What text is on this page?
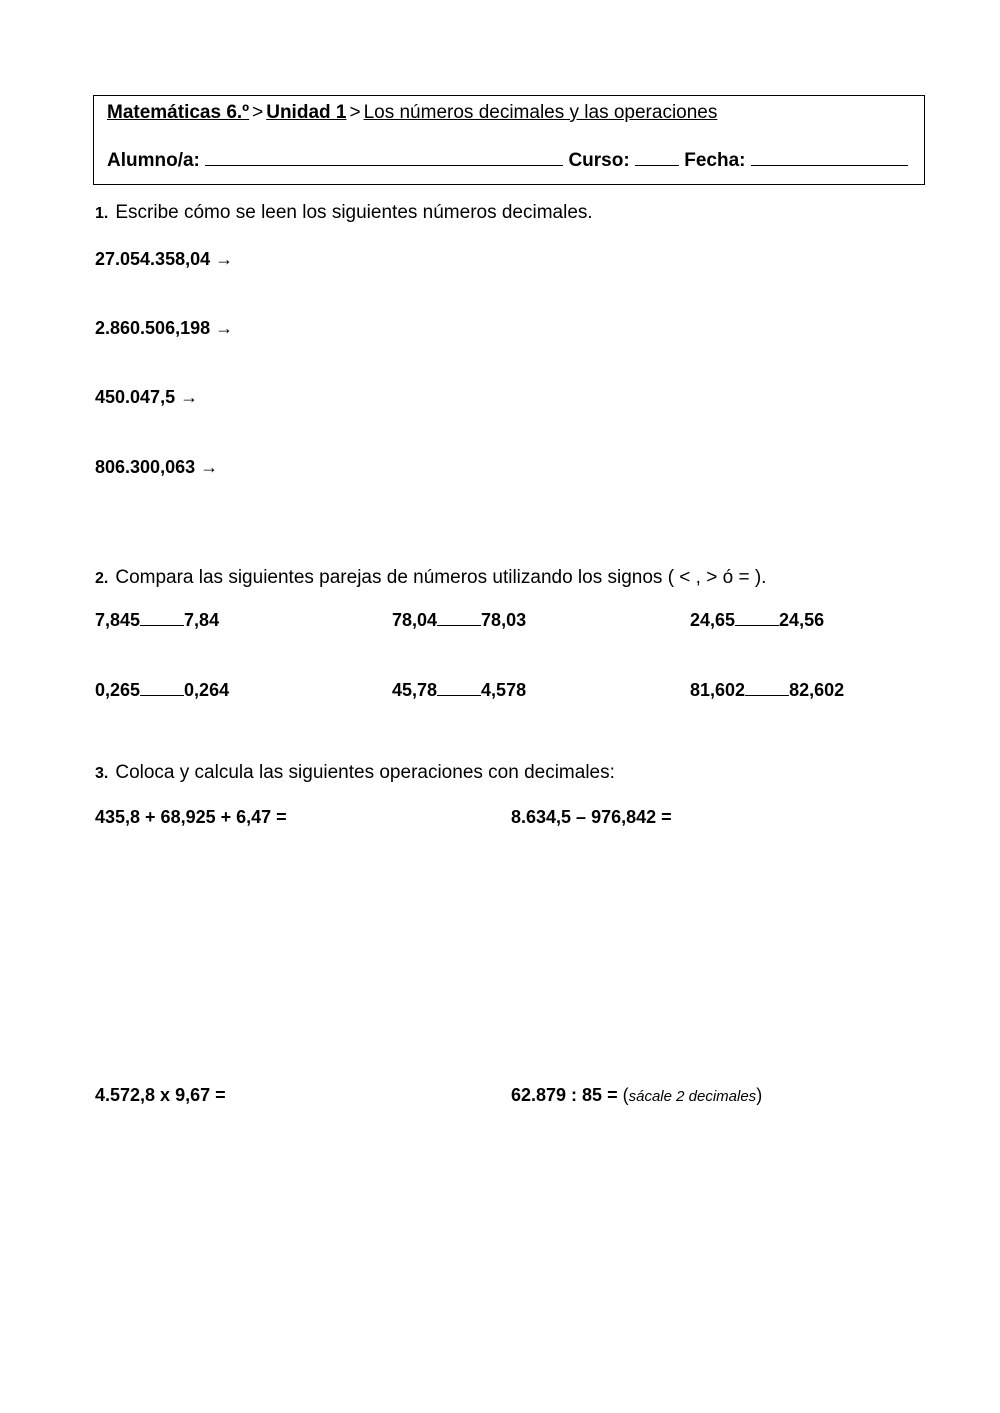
Matemáticas 6.º > Unidad 1 > Los números decimales y las operaciones
Alumno/a:	Curso:	Fecha:
1. Escribe cómo se leen los siguientes números decimales.
27.054.358,04 →
2.860.506,198 →
450.047,5 →
806.300,063 →
2. Compara las siguientes parejas de números utilizando los signos ( < , > ó = ).
7,845 7,84	78,04 78,03	24,65 24,56
0,265 0,264	45,78 4,578	81,602 82,602
3. Coloca y calcula las siguientes operaciones con decimales:
435,8 + 68,925 + 6,47 =	8.634,5 – 976,842 =
4.572,8 x 9,67 =	62.879 : 85 = (sácale 2 decimales)
